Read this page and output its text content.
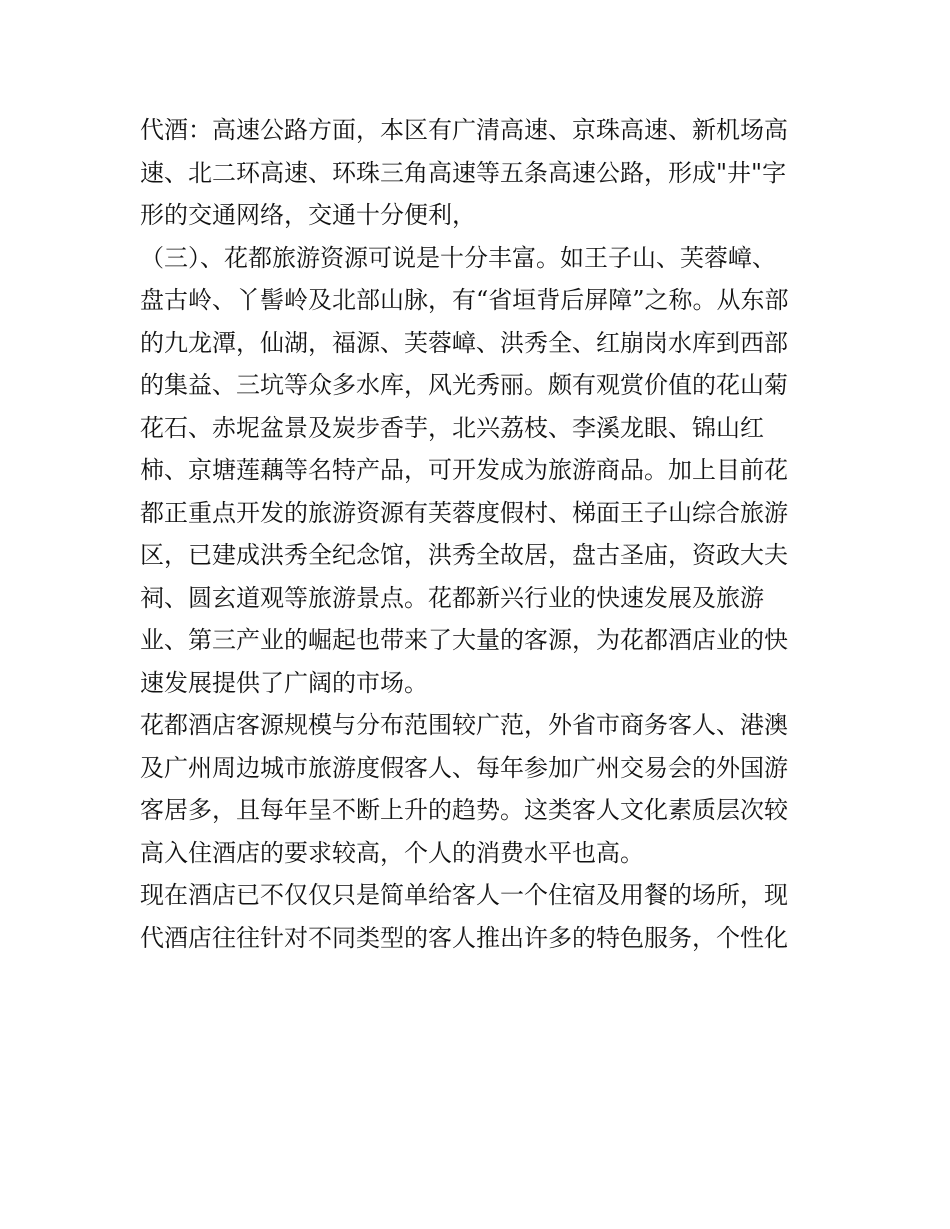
代酒：高速公路方面，本区有广清高速、京珠高速、新机场高
速、北二环高速、环珠三角高速等五条高速公路，形成"井"字
形的交通网络，交通十分便利，

（三）、花都旅游资源可说是十分丰富。如王子山、芙蓉嶂、
盘古岭、丫髻岭及北部山脉，有“省垣背后屏障”之称。从东部
的九龙潭，仙湖，福源、芙蓉嶂、洪秀全、红崩岗水库到西部
的集益、三坑等众多水库，风光秀丽。颇有观赏价值的花山菊
花石、赤坭盆景及炭步香芋，北兴荔枝、李溪龙眼、锦山红
柿、京塘莲藕等名特产品，可开发成为旅游商品。加上目前花
都正重点开发的旅游资源有芙蓉度假村、梯面王子山综合旅游
区，已建成洪秀全纪念馆，洪秀全故居，盘古圣庙，资政大夫
祠、圆玄道观等旅游景点。花都新兴行业的快速发展及旅游
业、第三产业的崛起也带来了大量的客源，为花都酒店业的快
速发展提供了广阔的市场。

花都酒店客源规模与分布范围较广范，外省市商务客人、港澳
及广州周边城市旅游度假客人、每年参加广州交易会的外国游
客居多，且每年呈不断上升的趋势。这类客人文化素质层次较
高入住酒店的要求较高，个人的消费水平也高。

现在酒店已不仅仅只是简单给客人一个住宿及用餐的场所，现
代酒店往往针对不同类型的客人推出许多的特色服务，个性化
